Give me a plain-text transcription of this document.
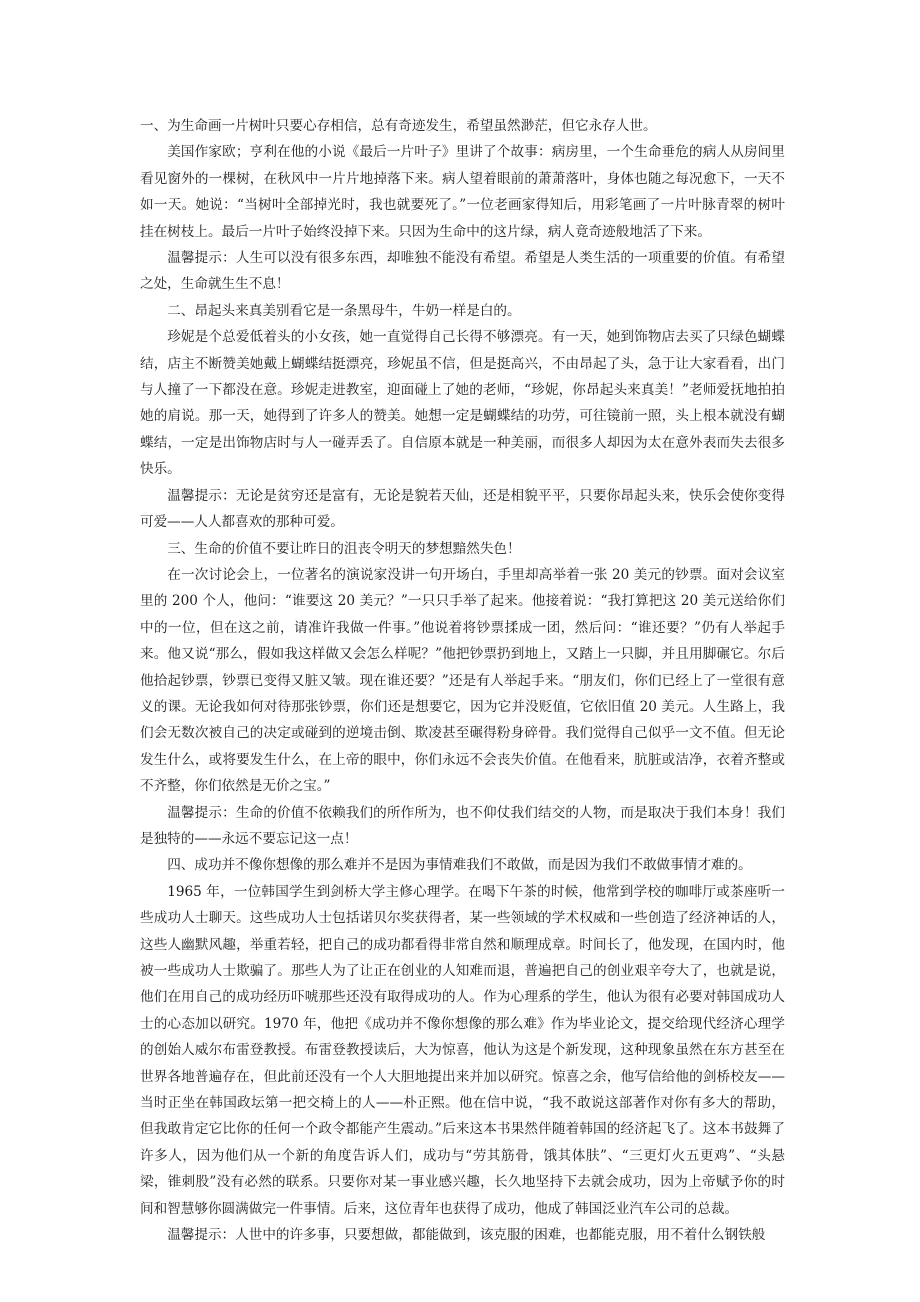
一、为生命画一片树叶只要心存相信，总有奇迹发生，希望虽然渺茫，但它永存人世。

美国作家欧；亨利在他的小说《最后一片叶子》里讲了个故事：病房里，一个生命垂危的病人从房间里看见窗外的一棵树，在秋风中一片片地掉落下来。病人望着眼前的萧萧落叶，身体也随之每况愈下，一天不如一天。她说：“当树叶全部掉光时，我也就要死了。”一位老画家得知后，用彩笔画了一片叶脉青翠的树叶挂在树枝上。最后一片叶子始终没掉下来。只因为生命中的这片绿，病人竟奇迹般地活了下来。

温馨提示：人生可以没有很多东西，却唯独不能没有希望。希望是人类生活的一项重要的价值。有希望之处，生命就生生不息！

二、昂起头来真美别看它是一条黑母牛，牛奶一样是白的。

珍妮是个总爱低着头的小女孩，她一直觉得自己长得不够漂亮。有一天，她到饰物店去买了只绿色蝴蝶结，店主不断赞美她戴上蝴蝶结挺漂亮，珍妮虽不信，但是挺高兴，不由昂起了头，急于让大家看看，出门与人撞了一下都没在意。珍妮走进教室，迎面碰上了她的老师，“珍妮，你昂起头来真美！”老师爱抚地拍拍她的肩说。那一天，她得到了许多人的赞美。她想一定是蝴蝶结的功劳，可往镜前一照，头上根本就没有蝴蝶结，一定是出饰物店时与人一碰弄丢了。自信原本就是一种美丽，而很多人却因为太在意外表而失去很多快乐。

温馨提示：无论是贫穷还是富有，无论是貌若天仙，还是相貌平平，只要你昂起头来，快乐会使你变得可爱——人人都喜欢的那种可爱。

三、生命的价值不要让昨日的沮丧令明天的梦想黯然失色！

在一次讨论会上，一位著名的演说家没讲一句开场白，手里却高举着一张 20 美元的钞票。面对会议室里的 200 个人，他问：“谁要这 20 美元？”一只只手举了起来。他接着说：“我打算把这 20 美元送给你们中的一位，但在这之前，请准许我做一件事。”他说着将钞票揉成一团，然后问：“谁还要？”仍有人举起手来。他又说“那么，假如我这样做又会怎么样呢？”他把钞票扔到地上，又踏上一只脚，并且用脚碾它。尔后他拾起钞票，钞票已变得又脏又皱。现在谁还要？”还是有人举起手来。“朋友们，你们已经上了一堂很有意义的课。无论我如何对待那张钞票，你们还是想要它，因为它并没贬值，它依旧值 20 美元。人生路上，我们会无数次被自己的决定或碰到的逆境击倒、欺凌甚至碾得粉身碎骨。我们觉得自己似乎一文不值。但无论发生什么，或将要发生什么，在上帝的眼中，你们永远不会丧失价值。在他看来，肮脏或洁净，衣着齐整或不齐整，你们依然是无价之宝。”

温馨提示：生命的价值不依赖我们的所作所为，也不仰仗我们结交的人物，而是取决于我们本身！我们是独特的——永远不要忘记这一点！

四、成功并不像你想像的那么难并不是因为事情难我们不敢做，而是因为我们不敢做事情才难的。

1965 年，一位韩国学生到剑桥大学主修心理学。在喝下午茶的时候，他常到学校的咖啡厅或茶座听一些成功人士聊天。这些成功人士包括诺贝尔奖获得者，某一些领域的学术权威和一些创造了经济神话的人，这些人幽默风趣，举重若轻，把自己的成功都看得非常自然和顺理成章。时间长了，他发现，在国内时，他被一些成功人士欺骗了。那些人为了让正在创业的人知难而退，普遍把自己的创业艰辛夸大了，也就是说，他们在用自己的成功经历吓唬那些还没有取得成功的人。作为心理系的学生，他认为很有必要对韩国成功人士的心态加以研究。1970 年，他把《成功并不像你想像的那么难》作为毕业论文，提交给现代经济心理学的创始人威尔布雷登教授。布雷登教授读后，大为惊喜，他认为这是个新发现，这种现象虽然在东方甚至在世界各地普遍存在，但此前还没有一个人大胆地提出来并加以研究。惊喜之余，他写信给他的剑桥校友——当时正坐在韩国政坛第一把交椅上的人——朴正熙。他在信中说，“我不敢说这部著作对你有多大的帮助，但我敢肯定它比你的任何一个政令都能产生震动。”后来这本书果然伴随着韩国的经济起飞了。这本书鼓舞了许多人，因为他们从一个新的角度告诉人们，成功与“劳其筋骨，饿其体肤”、“三更灯火五更鸡”、“头悬梁，锥刺股”没有必然的联系。只要你对某一事业感兴趣，长久地坚持下去就会成功，因为上帝赋予你的时间和智慧够你圆满做完一件事情。后来，这位青年也获得了成功，他成了韩国泛业汽车公司的总裁。

温馨提示：人世中的许多事，只要想做，都能做到，该克服的困难，也都能克服，用不着什么钢铁般
